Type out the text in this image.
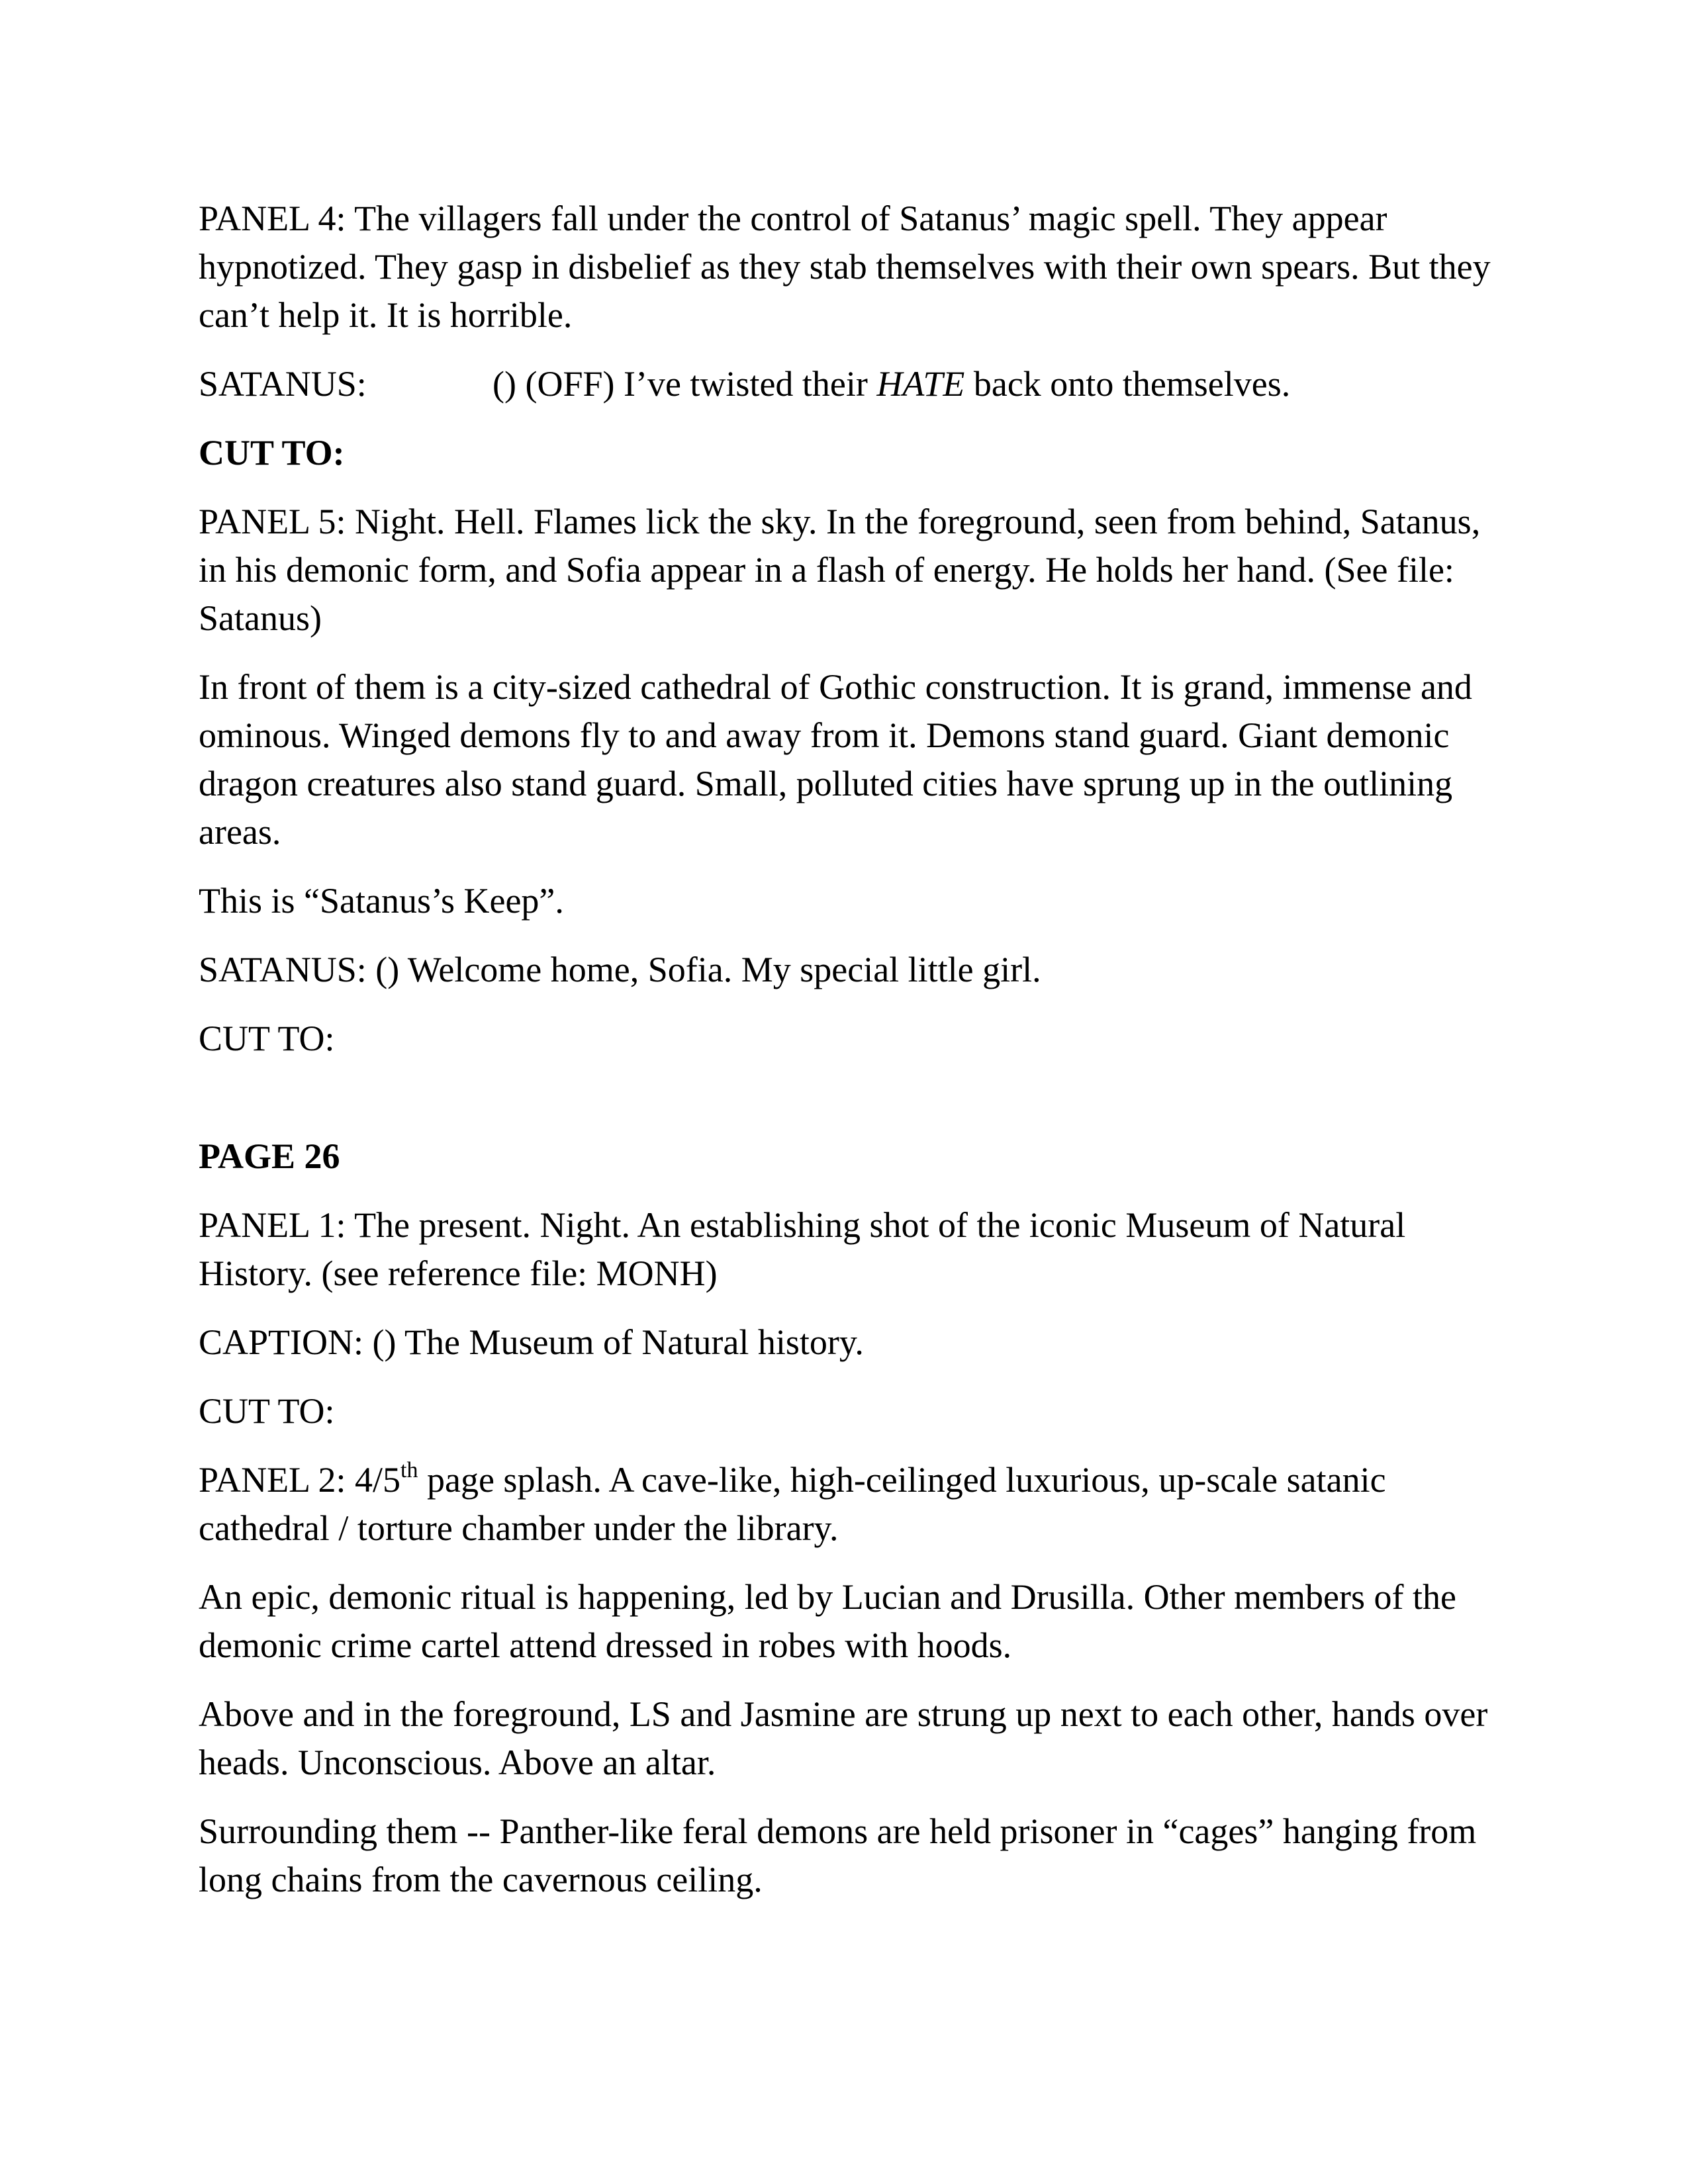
PANEL 4: The villagers fall under the control of Satanus’ magic spell. They appear hypnotized. They gasp in disbelief as they stab themselves with their own spears. But they can’t help it. It is horrible.

SATANUS:	() (OFF) I’ve twisted their HATE back onto themselves.

CUT TO:

PANEL 5: Night. Hell. Flames lick the sky. In the foreground, seen from behind, Satanus, in his demonic form, and Sofia appear in a flash of energy. He holds her hand. (See file: Satanus)

In front of them is a city-sized cathedral of Gothic construction. It is grand, immense and ominous. Winged demons fly to and away from it. Demons stand guard. Giant demonic dragon creatures also stand guard. Small, polluted cities have sprung up in the outlining areas.

This is “Satanus’s Keep”.

SATANUS: () Welcome home, Sofia. My special little girl.

CUT TO:

PAGE 26

PANEL 1: The present. Night. An establishing shot of the iconic Museum of Natural History. (see reference file: MONH)

CAPTION: () The Museum of Natural history.

CUT TO:

PANEL 2: 4/5th page splash. A cave-like, high-ceilinged luxurious, up-scale satanic cathedral / torture chamber under the library.

An epic, demonic ritual is happening, led by Lucian and Drusilla. Other members of the demonic crime cartel attend dressed in robes with hoods.

Above and in the foreground, LS and Jasmine are strung up next to each other, hands over heads. Unconscious. Above an altar.

Surrounding them -- Panther-like feral demons are held prisoner in “cages” hanging from long chains from the cavernous ceiling.
